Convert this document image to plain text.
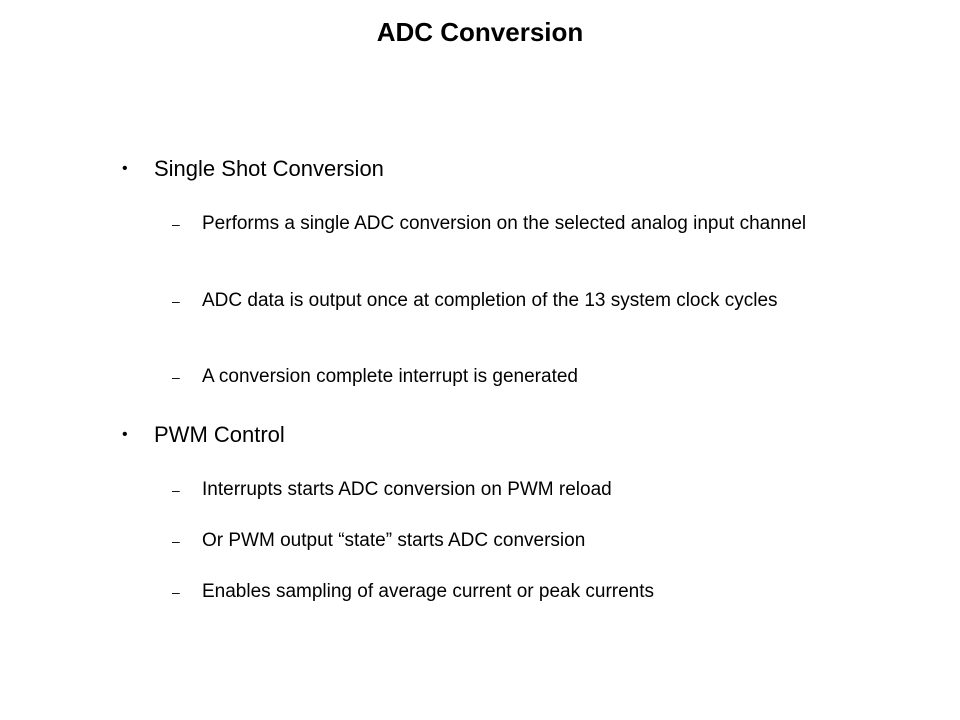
ADC Conversion
• Single Shot Conversion
– Performs a single ADC conversion on the selected analog input channel
– ADC data is output once at completion of the 13 system clock cycles
– A conversion complete interrupt is generated
• PWM Control
– Interrupts starts ADC conversion on PWM reload
– Or PWM output “state” starts ADC conversion
– Enables sampling of average current or peak currents
